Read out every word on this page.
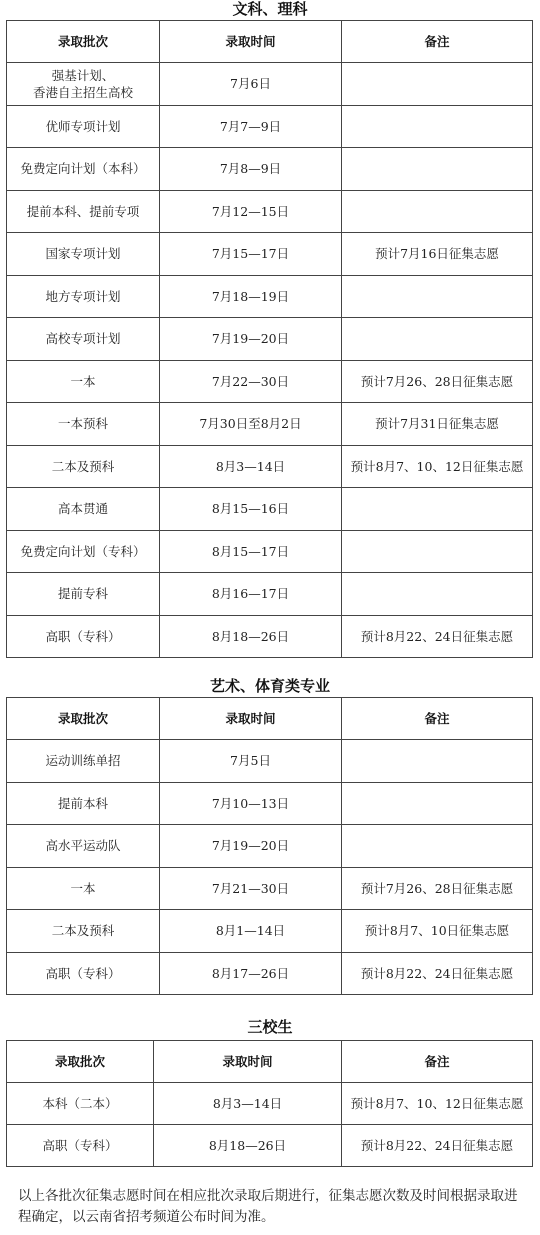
文科、理科
录取批次	录取时间	备注
强基计划、
香港自主招生高校	7月6日	
优师专项计划	7月7—9日	
免费定向计划（本科）	7月8—9日	
提前本科、提前专项	7月12—15日	
国家专项计划	7月15—17日	预计7月16日征集志愿
地方专项计划	7月18—19日	
高校专项计划	7月19—20日	
一本	7月22—30日	预计7月26、28日征集志愿
一本预科	7月30日至8月2日	预计7月31日征集志愿
二本及预科	8月3—14日	预计8月7、10、12日征集志愿
高本贯通	8月15—16日	
免费定向计划（专科）	8月15—17日	
提前专科	8月16—17日	
高职（专科）	8月18—26日	预计8月22、24日征集志愿
艺术、体育类专业
录取批次	录取时间	备注
运动训练单招	7月5日	
提前本科	7月10—13日	
高水平运动队	7月19—20日	
一本	7月21—30日	预计7月26、28日征集志愿
二本及预科	8月1—14日	预计8月7、10日征集志愿
高职（专科）	8月17—26日	预计8月22、24日征集志愿
三校生
录取批次	录取时间	备注
本科（二本）	8月3—14日	预计8月7、10、12日征集志愿
高职（专科）	8月18—26日	预计8月22、24日征集志愿
以上各批次征集志愿时间在相应批次录取后期进行，征集志愿次数及时间根据录取进程确定，以云南省招考频道公布时间为准。
